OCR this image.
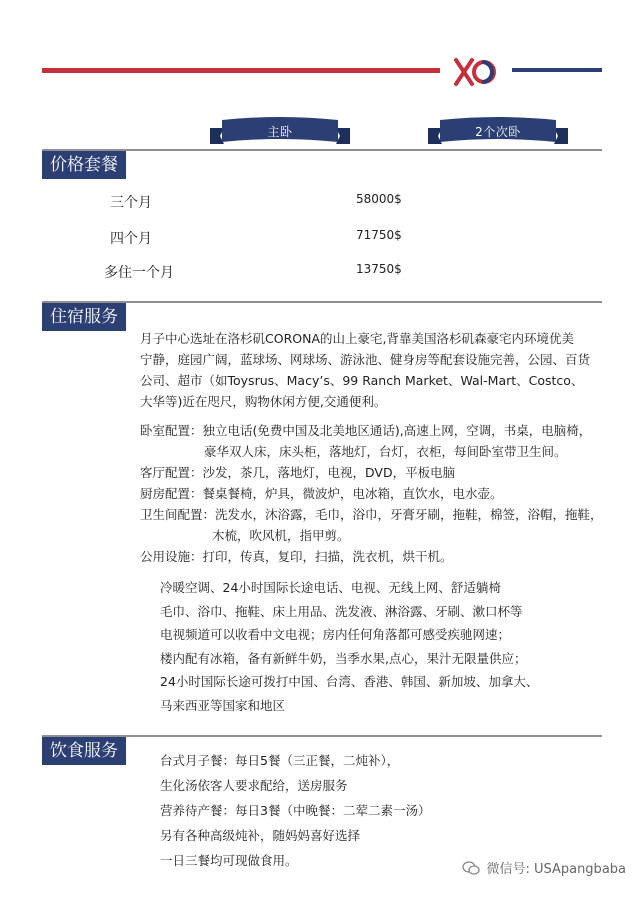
主卧	2个次卧
价格套餐
三个月	58000$
四个月	71750$
多住一个月	13750$
住宿服务
月子中心选址在洛杉矶CORONA的山上豪宅,背靠美国洛杉矶森豪宅内环境优美
宁静，庭园广阔，蓝球场、网球场、游泳池、健身房等配套设施完善，公园、百货
公司、超市（如Toysrus、Macy’s、99 Ranch Market、Wal-Mart、Costco、
大华等)近在咫尺，购物休闲方便,交通便利。
卧室配置：独立电话(免费中国及北美地区通话),高速上网，空调，书桌，电脑椅，
豪华双人床，床头柜，落地灯，台灯，衣柜，每间卧室带卫生间。
客厅配置：沙发，茶几，落地灯，电视，DVD，平板电脑
厨房配置：餐桌餐椅，炉具，微波炉，电冰箱，直饮水，电水壶。
卫生间配置：洗发水，沐浴露，毛巾，浴巾，牙膏牙刷，拖鞋，棉签，浴帽，拖鞋，
木梳，吹风机，指甲剪。
公用设施：打印，传真，复印，扫描，洗衣机，烘干机。
冷暖空调、24小时国际长途电话、电视、无线上网、舒适躺椅
毛巾、浴巾、拖鞋、床上用品、洗发液、淋浴露、牙刷、漱口杯等
电视频道可以收看中文电视；房内任何角落都可感受疾驰网速；
楼内配有冰箱，备有新鲜牛奶，当季水果,点心，果汁无限量供应；
24小时国际长途可拨打中国、台湾、香港、韩国、新加坡、加拿大、
马来西亚等国家和地区
饮食服务	台式月子餐：每日5餐（三正餐，二炖补），
生化汤依客人要求配给，送房服务
营养待产餐：每日3餐（中晚餐：二荤二素一汤）
另有各种高级炖补，随妈妈喜好选择
一日三餐均可现做食用。
微信号: USApangbaba
